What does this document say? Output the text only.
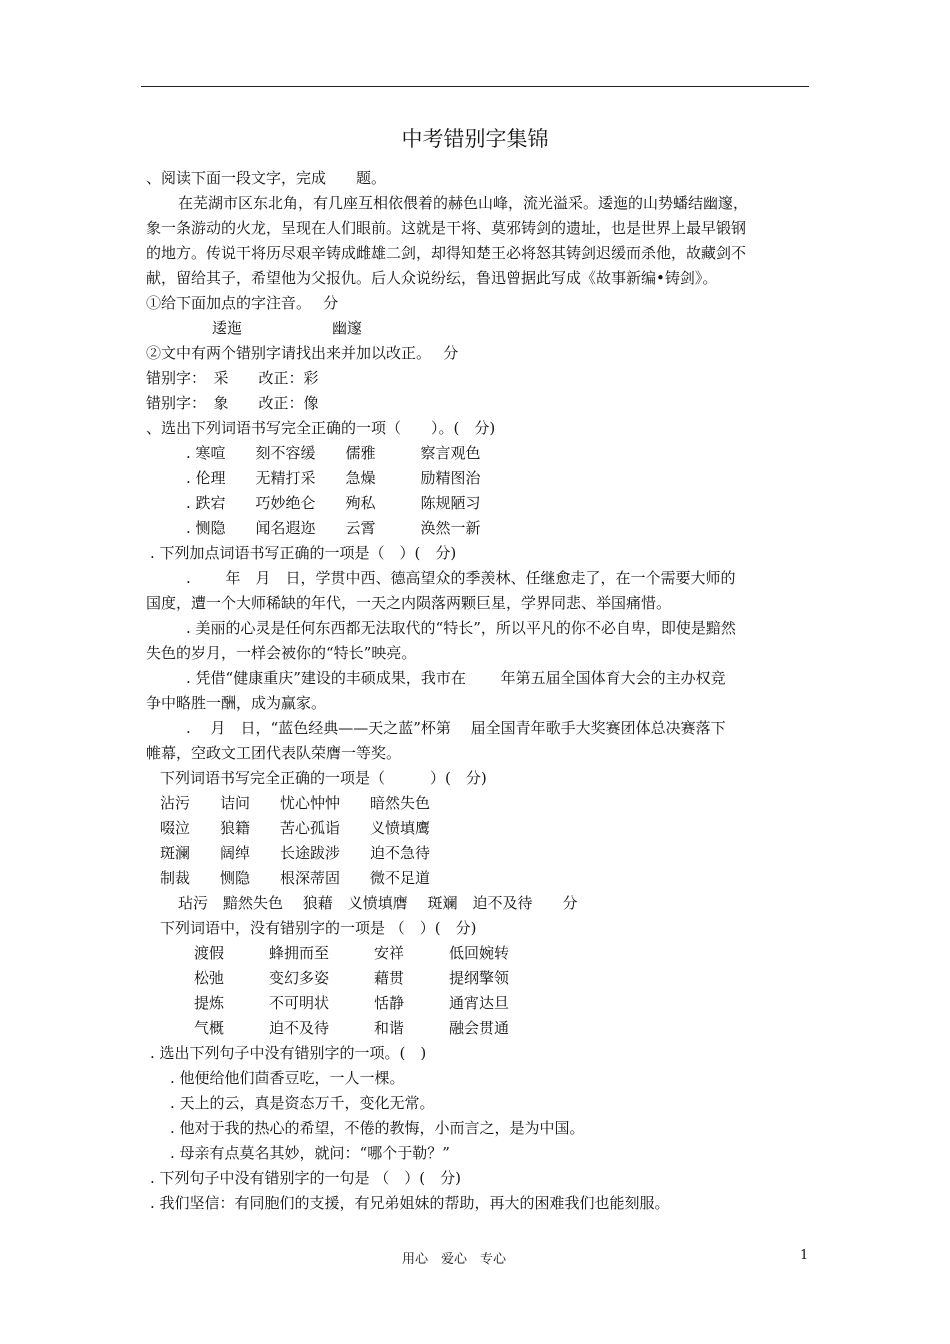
中考错别字集锦
、阅读下面一段文字，完成　　题。
在芜湖市区东北角，有几座互相依偎着的赫色山峰，流光溢采。逶迤的山势蟠结幽邃，
象一条游动的火龙，呈现在人们眼前。这就是干将、莫邪铸剑的遗址，也是世界上最早锻钢
的地方。传说干将历尽艰辛铸成雌雄二剑，却得知楚王必将怒其铸剑迟缓而杀他，故藏剑不
献，留给其子，希望他为父报仇。后人众说纷纭，鲁迅曾据此写成《故事新编•铸剑》。
①给下面加点的字注音。　 分
逶迤　　　　　　幽邃
②文中有两个错别字请找出来并加以改正。　 分
错别字：　采　　改正：彩
错别字：　象　　改正：像
、选出下列词语书写完全正确的一项（　　）。(　分)
. 寒喧　　刻不容缓　　儒雅　　　察言观色
. 伦理　　无精打采　　急燥　　　励精图治
. 跌宕　　巧妙绝仑　　殉私　　　陈规陋习
. 恻隐　　闻名遐迩　　云霄　　　涣然一新
. 下列加点词语书写正确的一项是（　）(　分)
.　　 年　月　日，学贯中西、德高望众的季羡林、任继愈走了，在一个需要大师的
国度，遭一个大师稀缺的年代，一天之内陨落两颗巨星，学界同悲、举国痛惜。
. 美丽的心灵是任何东西都无法取代的“特长”，所以平凡的你不必自卑，即使是黯然
失色的岁月，一样会被你的“特长”映亮。
. 凭借“健康重庆”建设的丰硕成果，我市在　　 年第五届全国体育大会的主办权竞
争中略胜一酬，成为赢家。
.　 月　日，“蓝色经典——天之蓝”杯第　 届全国青年歌手大奖赛团体总决赛落下
帷幕，空政文工团代表队荣膺一等奖。
下列词语书写完全正确的一项是（　　　）(　分)
沾污　　诘问　　忧心忡忡　　暗然失色
啜泣　　狼籍　　苦心孤诣　　义愤填鹰
斑澜　　阔绰　　长途跋涉　　迫不急待
制裁　　恻隐　　根深蒂固　　微不足道
玷污　黯然失色　 狼藉　义愤填膺　 斑斓　迫不及待　　分
下列词语中，没有错别字的一项是 （　）(　分)
渡假　　　蜂拥而至　　　安祥　　　低回婉转
松弛　　　变幻多姿　　　藉贯　　　提纲擎领
提炼　　　不可明状　　　恬静　　　通宵达旦
气概　　　迫不及待　　　和谐　　　融会贯通
. 选出下列句子中没有错别字的一项。(　)
. 他便给他们茴香豆吃，一人一棵。
. 天上的云，真是资态万千，变化无常。
. 他对于我的热心的希望，不倦的教悔，小而言之，是为中国。
. 母亲有点莫名其妙，就问：“哪个于勒？”
. 下列句子中没有错别字的一句是 （　）(　分)
. 我们坚信：有同胞们的支援，有兄弟姐妹的帮助，再大的困难我们也能刻服。
用心　爱心　专心	1
